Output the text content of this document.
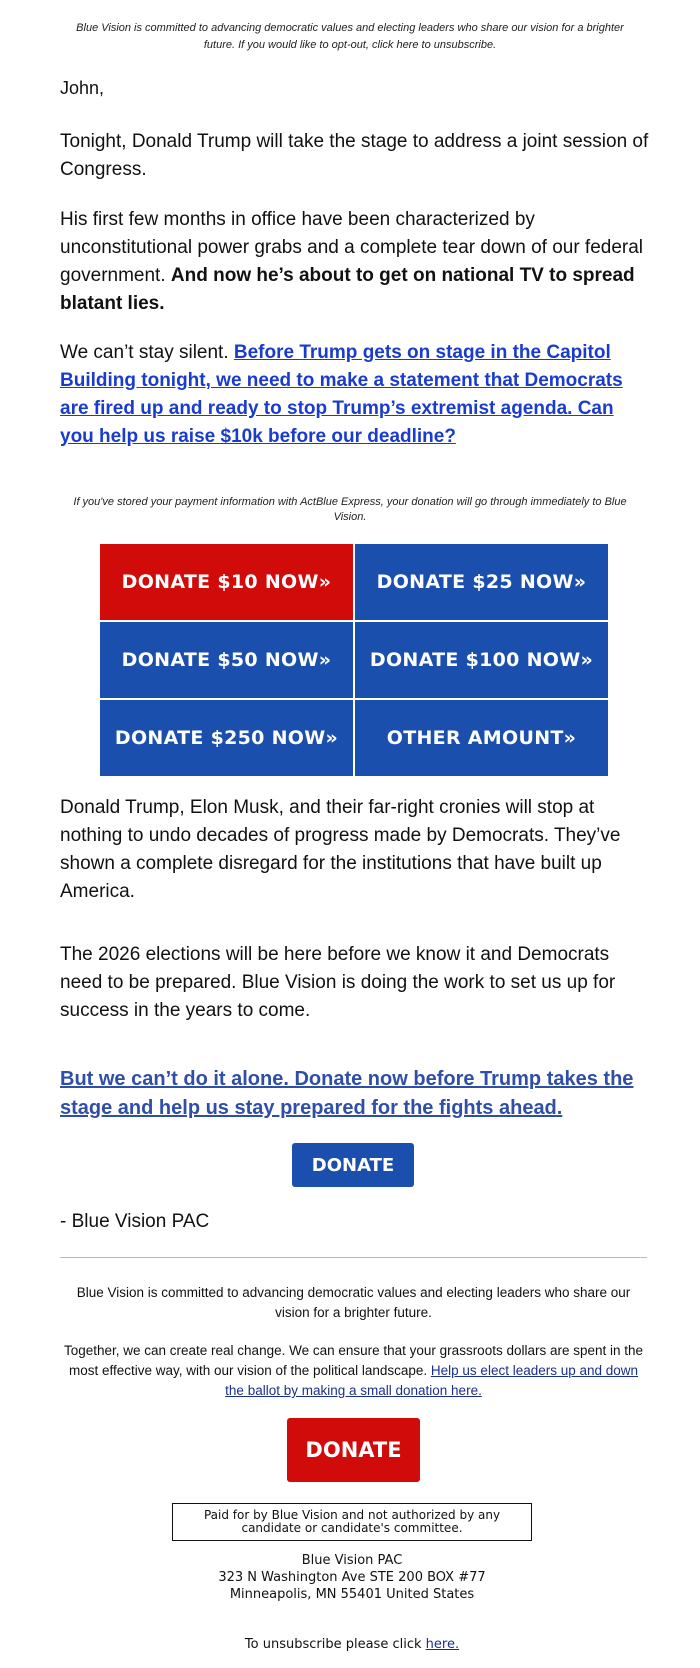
Blue Vision is committed to advancing democratic values and electing leaders who share our vision for a brighter future. If you would like to opt-out, click here to unsubscribe.

John,

Tonight, Donald Trump will take the stage to address a joint session of Congress.

His first few months in office have been characterized by unconstitutional power grabs and a complete tear down of our federal government. And now he’s about to get on national TV to spread blatant lies.

We can’t stay silent. Before Trump gets on stage in the Capitol Building tonight, we need to make a statement that Democrats are fired up and ready to stop Trump’s extremist agenda. Can you help us raise $10k before our deadline?

If you've stored your payment information with ActBlue Express, your donation will go through immediately to Blue Vision.

DONATE $10 NOW»	DONATE $25 NOW»
DONATE $50 NOW»	DONATE $100 NOW»
DONATE $250 NOW»	OTHER AMOUNT»

Donald Trump, Elon Musk, and their far-right cronies will stop at nothing to undo decades of progress made by Democrats. They’ve shown a complete disregard for the institutions that have built up America.

The 2026 elections will be here before we know it and Democrats need to be prepared. Blue Vision is doing the work to set us up for success in the years to come.

But we can’t do it alone. Donate now before Trump takes the stage and help us stay prepared for the fights ahead.
DONATE

- Blue Vision PAC

Blue Vision is committed to advancing democratic values and electing leaders who share our vision for a brighter future.

Together, we can create real change. We can ensure that your grassroots dollars are spent in the most effective way, with our vision of the political landscape. Help us elect leaders up and down the ballot by making a small donation here.

DONATE
Paid for by Blue Vision and not authorized by any candidate or candidate's committee.
Blue Vision PAC
323 N Washington Ave STE 200 BOX #77
Minneapolis, MN 55401 United States

To unsubscribe please click here.
